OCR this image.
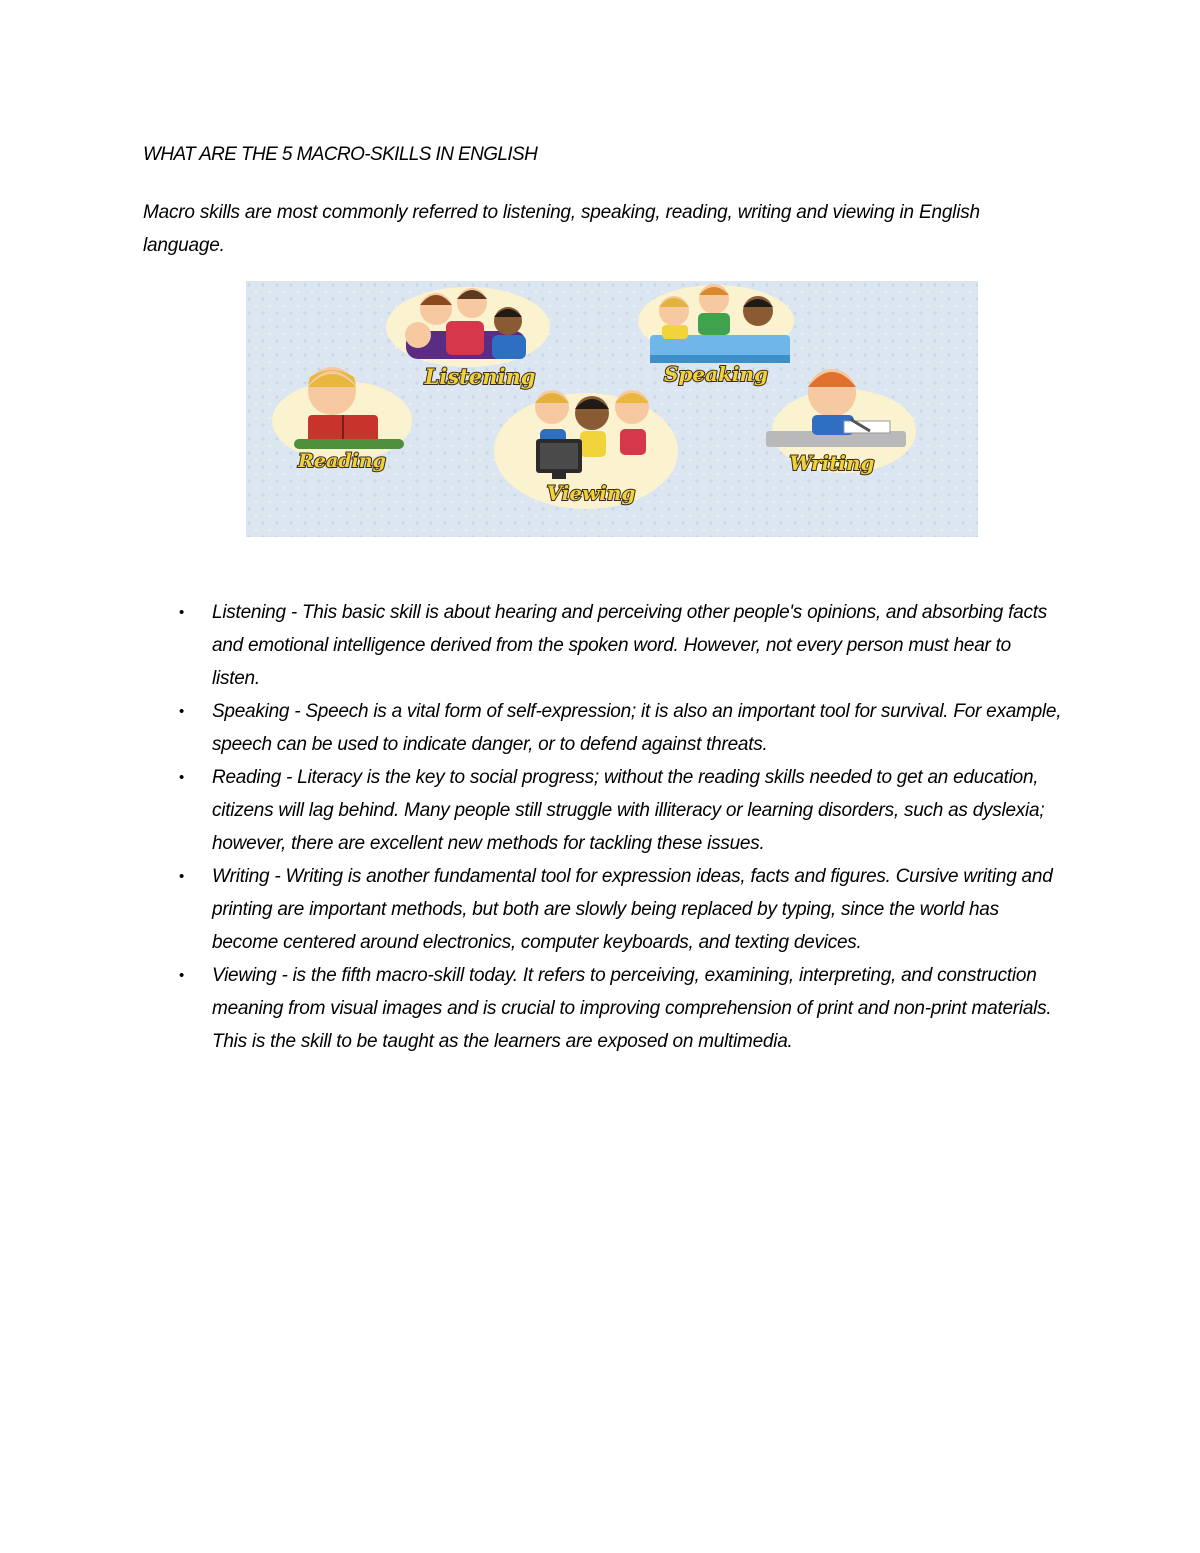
WHAT ARE THE 5 MACRO-SKILLS IN ENGLISH

Macro skills are most commonly referred to listening, speaking, reading, writing and viewing in English language.

Listening	Speaking
Reading
Viewing
Writing
• Listening - This basic skill is about hearing and perceiving other people's opinions, and absorbing facts and emotional intelligence derived from the spoken word. However, not every person must hear to listen.
• Speaking - Speech is a vital form of self-expression; it is also an important tool for survival. For example, speech can be used to indicate danger, or to defend against threats.
• Reading - Literacy is the key to social progress; without the reading skills needed to get an education, citizens will lag behind. Many people still struggle with illiteracy or learning disorders, such as dyslexia; however, there are excellent new methods for tackling these issues.
• Writing - Writing is another fundamental tool for expression ideas, facts and figures. Cursive writing and printing are important methods, but both are slowly being replaced by typing, since the world has become centered around electronics, computer keyboards, and texting devices.
• Viewing - is the fifth macro-skill today. It refers to perceiving, examining, interpreting, and construction meaning from visual images and is crucial to improving comprehension of print and non-print materials. This is the skill to be taught as the learners are exposed on multimedia.
